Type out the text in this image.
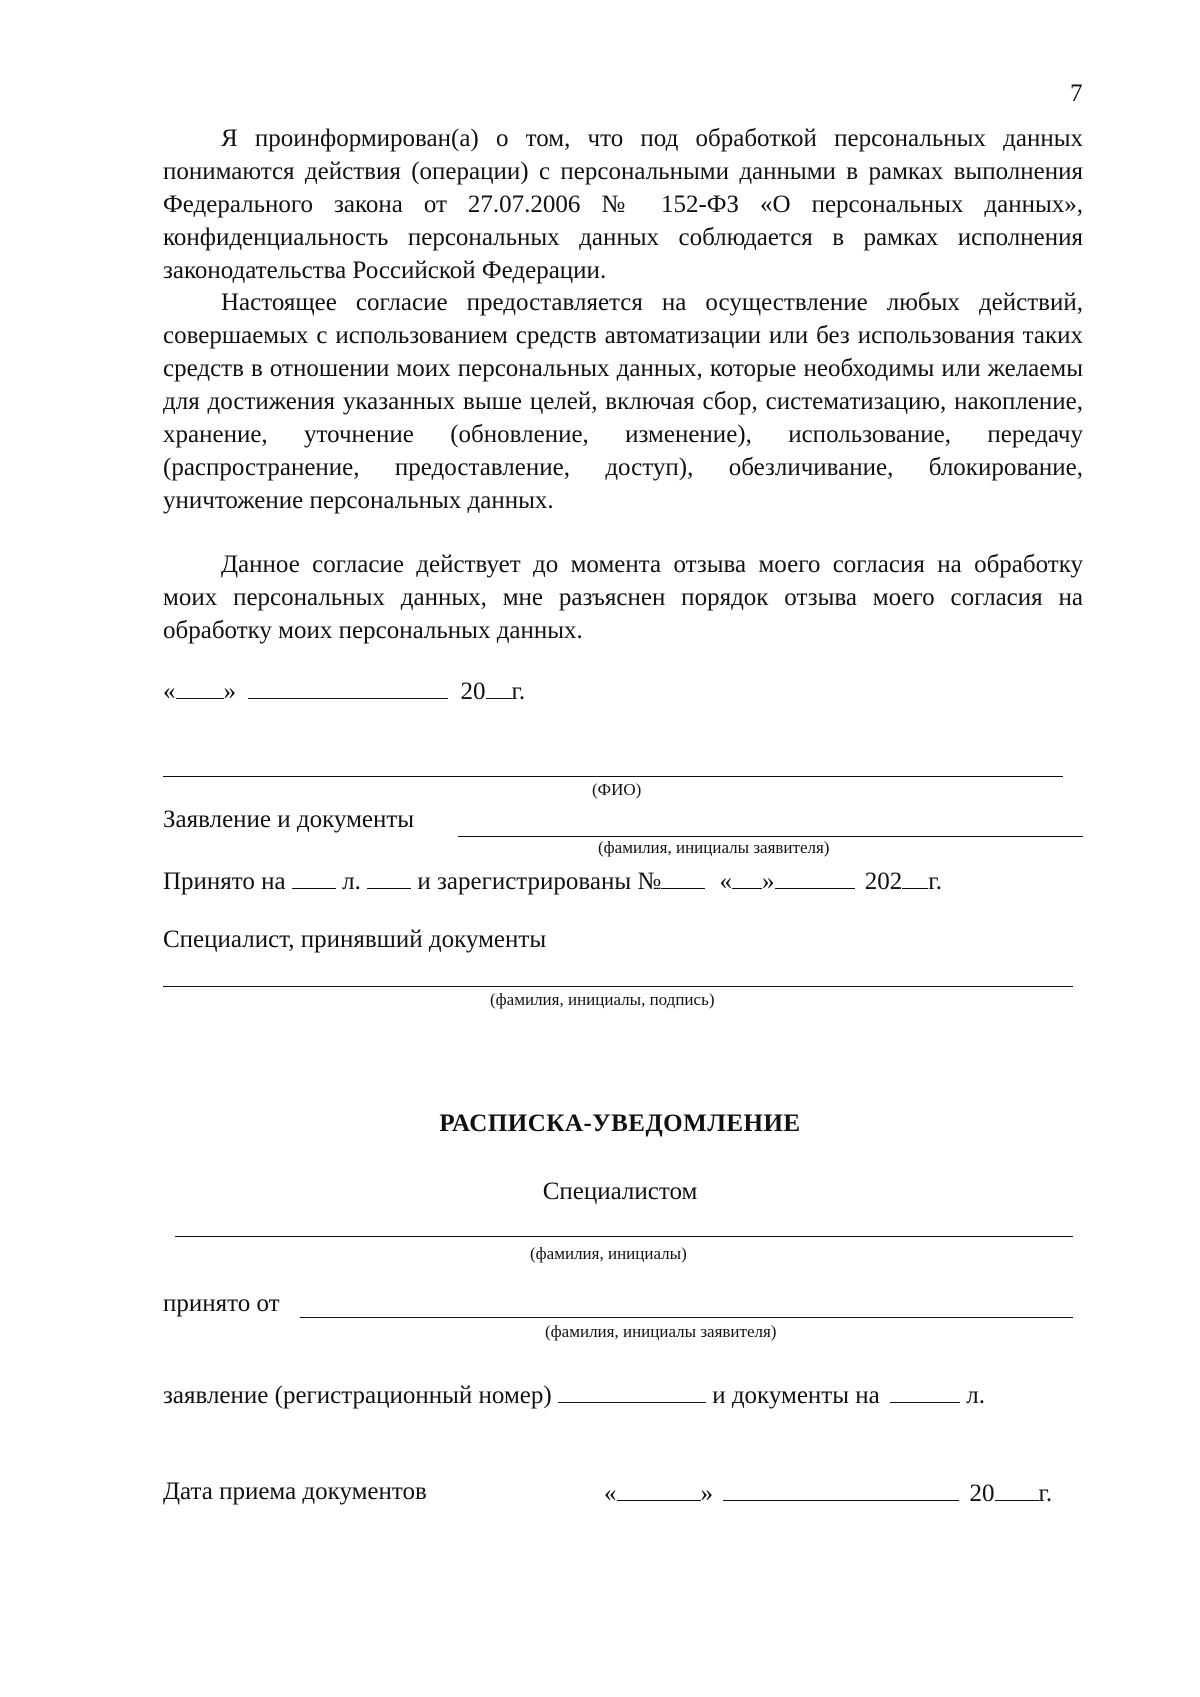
7

Я проинформирован(а) о том, что под обработкой персональных данных понимаются действия (операции) с персональными данными в рамках выполнения Федерального закона от 27.07.2006 № 152-ФЗ «О персональных данных», конфиденциальность персональных данных соблюдается в рамках исполнения законодательства Российской Федерации.

Настоящее согласие предоставляется на осуществление любых действий, совершаемых с использованием средств автоматизации или без использования таких средств в отношении моих персональных данных, которые необходимы или желаемы для достижения указанных выше целей, включая сбор, систематизацию, накопление, хранение, уточнение (обновление, изменение), использование, передачу (распространение, предоставление, доступ), обезличивание, блокирование, уничтожение персональных данных.

Данное согласие действует до момента отзыва моего согласия на обработку моих персональных данных, мне разъяснен порядок отзыва моего согласия на обработку моих персональных данных.

« »	20 г.
(ФИО)
Заявление и документы
(фамилия, инициалы заявителя)
Принято на л. и зарегистрированы № « »	202 г.
Специалист, принявший документы
(фамилия, инициалы, подпись)
РАСПИСКА-УВЕДОМЛЕНИЕ
Специалистом
(фамилия, инициалы)
принято от
(фамилия, инициалы заявителя)
заявление (регистрационный номер)	и документы на	л.
Дата приема документов	«	»	20 г.
